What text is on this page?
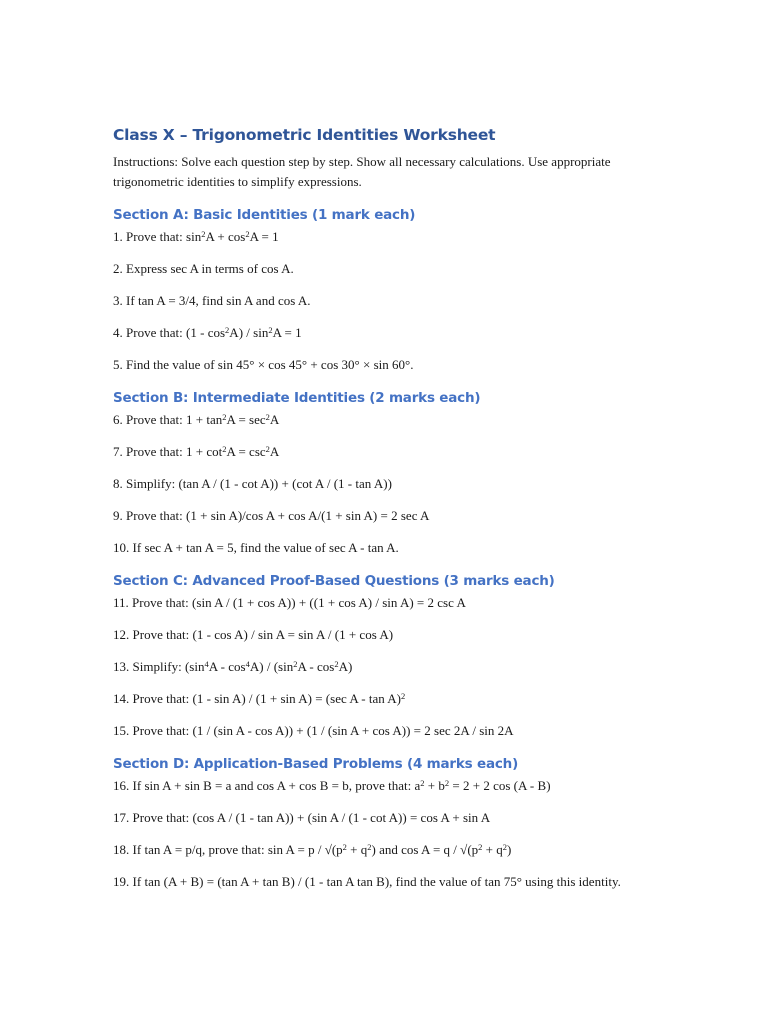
Class X – Trigonometric Identities Worksheet

Instructions: Solve each question step by step. Show all necessary calculations. Use appropriate trigonometric identities to simplify expressions.

Section A: Basic Identities (1 mark each)

1. Prove that: $\sin^2A + \cos^2A = 1$

2. Express sec A in terms of cos A.

3. If tan A = 3/4, find sin A and cos A.

4. Prove that: $(1 - \cos^2A) / \sin^2A = 1$

5. Find the value of sin 45° × cos 45° + cos 30° × sin 60°.

Section B: Intermediate Identities (2 marks each)

6. Prove that: $1 + \tan^2A = \sec^2A$

7. Prove that: $1 + \cot^2A = \csc^2A$

8. Simplify: (tan A / (1 - cot A)) + (cot A / (1 - tan A))

9. Prove that: (1 + sin A)/cos A + cos A/(1 + sin A) = 2 sec A

10. If sec A + tan A = 5, find the value of sec A - tan A.

Section C: Advanced Proof-Based Questions (3 marks each)

11. Prove that: (sin A / (1 + cos A)) + ((1 + cos A) / sin A) = 2 csc A

12. Prove that: (1 - cos A) / sin A = sin A / (1 + cos A)

13. Simplify: $(\sin^4A - \cos^4A) / (\sin^2A - \cos^2A)$

14. Prove that: (1 - sin A) / (1 + sin A) = (sec A - tan A)$^2$

15. Prove that: (1 / (sin A - cos A)) + (1 / (sin A + cos A)) = 2 sec 2A / sin 2A

Section D: Application-Based Problems (4 marks each)

16. If sin A + sin B = a and cos A + cos B = b, prove that: $a^2 + b^2 = 2 + 2$ cos (A - B)

17. Prove that: (cos A / (1 - tan A)) + (sin A / (1 - cot A)) = cos A + sin A

18. If tan A = p/q, prove that: $\sin A = p / √(p^2 + q^2)$ and $\cos A = q / √(p^2 + q^2)$

19. If tan (A + B) = (tan A + tan B) / (1 - tan A tan B), find the value of tan 75° using this identity.
